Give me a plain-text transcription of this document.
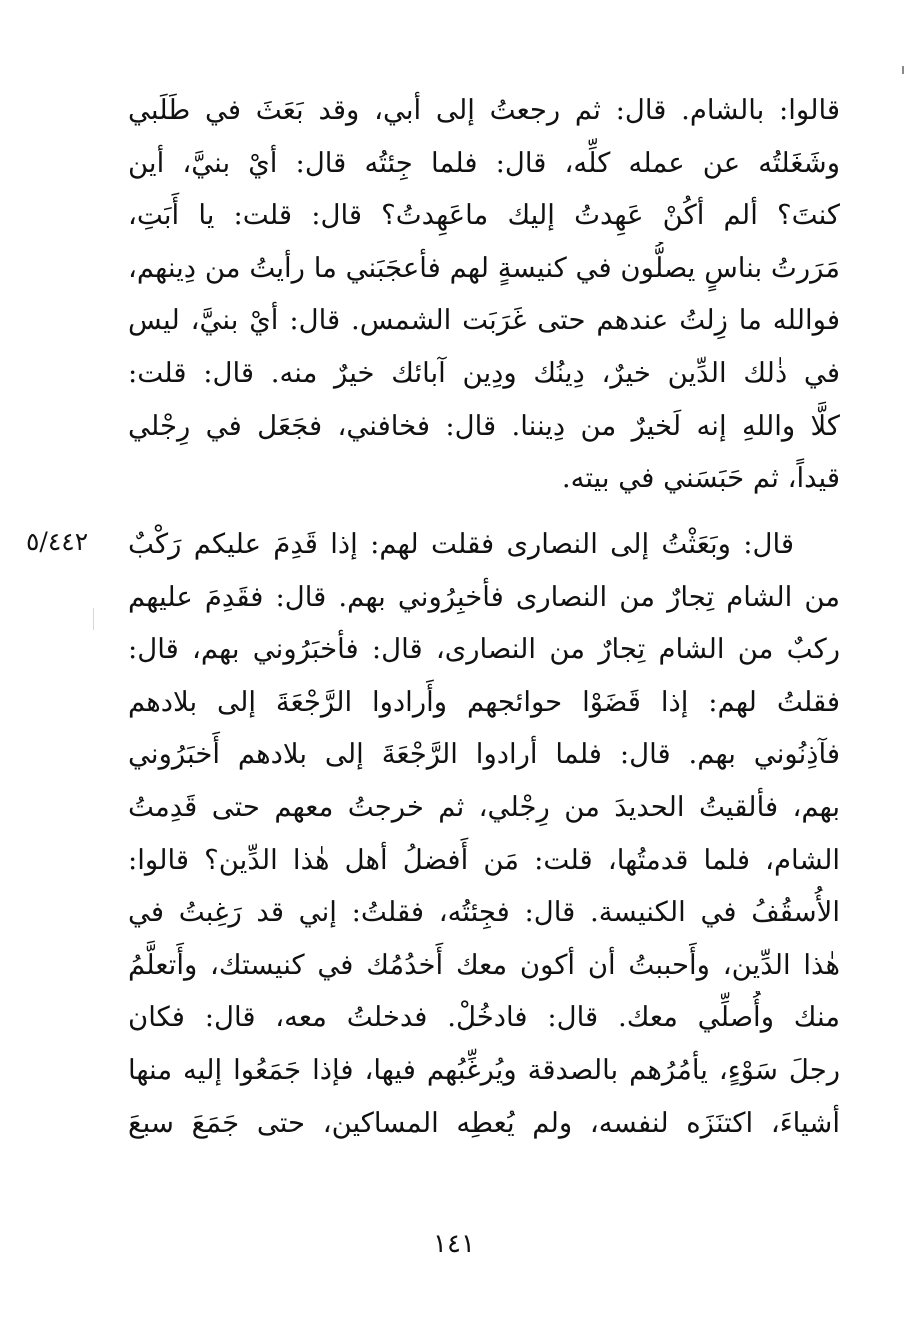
٥/٤٤٢
قالوا: بالشام. قال: ثم رجعتُ إلى أبي، وقد بَعَثَ في طَلَبي
وشَغَلتُه عن عمله كلِّه، قال: فلما جِئتُه قال: أيْ بنيَّ، أين
كنتَ؟ ألم أكُنْ عَهِدتُ إليك ماعَهِدتُ؟ قال: قلت: يا أَبَتِ،
مَرَرتُ بناسٍ يصلُّون في كنيسةٍ لهم فأعجَبَني ما رأيتُ من دِينهم،
فوالله ما زِلتُ عندهم حتى غَرَبَت الشمس. قال: أيْ بنيَّ، ليس
في ذٰلك الدِّين خيرٌ، دِينُك ودِين آبائك خيرٌ منه. قال: قلت:
كلَّا واللهِ إنه لَخيرٌ من دِيننا. قال: فخافني، فجَعَل في رِجْلي
قيداً، ثم حَبَسَني في بيته.
قال: وبَعَثْتُ إلى النصارى فقلت لهم: إذا قَدِمَ عليكم رَكْبٌ
من الشام تِجارٌ من النصارى فأخبِرُوني بهم. قال: فقَدِمَ عليهم
ركبٌ من الشام تِجارٌ من النصارى، قال: فأخبَرُوني بهم، قال:
فقلتُ لهم: إذا قَضَوْا حوائجهم وأَرادوا الرَّجْعَةَ إلى بلادهم
فآذِنُوني بهم. قال: فلما أرادوا الرَّجْعَةَ إلى بلادهم أَخبَرُوني
بهم، فألقيتُ الحديدَ من رِجْلي، ثم خرجتُ معهم حتى قَدِمتُ
الشام، فلما قدمتُها، قلت: مَن أَفضلُ أهل هٰذا الدِّين؟ قالوا:
الأُسقُفُ في الكنيسة. قال: فجِئتُه، فقلتُ: إني قد رَغِبتُ في
هٰذا الدِّين، وأَحببتُ أن أكون معك أَخدُمُك في كنيستك، وأَتعلَّمُ
منك وأُصلِّي معك. قال: فادخُلْ. فدخلتُ معه، قال: فكان
رجلَ سَوْءٍ، يأمُرُهم بالصدقة ويُرغِّبُهم فيها، فإذا جَمَعُوا إليه منها
أشياءَ، اكتنَزَه لنفسه، ولم يُعطِه المساكين، حتى جَمَعَ سبعَ
١٤١
